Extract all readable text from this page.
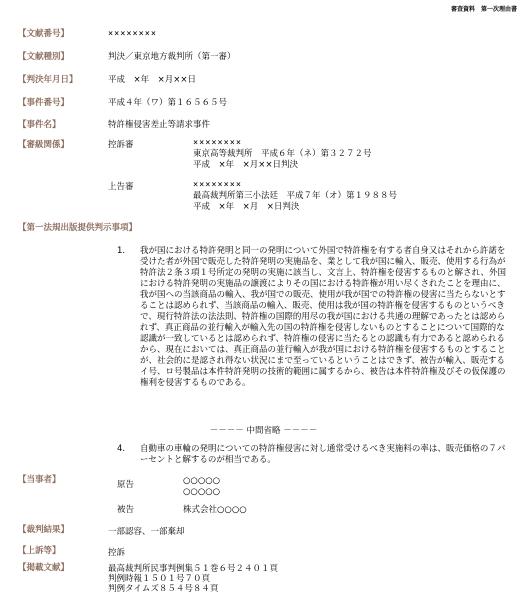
審査資料　第一次理由書
【文献番号】	××××××××
【文献種別】	判決／東京地方裁判所（第一審）
【判決年月日】	平成　×年　×月××日
【事件番号】	平成４年（ワ）第１６５６５号
【事件名】	特許権侵害差止等請求事件
【審級関係】	控訴審	××××××××
東京高等裁判所　平成６年（ネ）第３２７２号
平成　×年　×月××日判決
上告審	××××××××
最高裁判所第三小法廷　平成７年（オ）第１９８８号
平成　×年　×月　×日判決
【第一法規出版提供判示事項】
1. 我が国における特許発明と同一の発明について外国で特許権を有する者自身又はそれから許諾を受けた者が外国で販売した特許発明の実施品を、業として我が国に輸入、販売、使用する行為が特許法２条３項１号所定の発明の実施に該当し、文言上、特許権を侵害するものと解され、外国における特許発明の実施品の譲渡によりその国における特許権が用い尽くされたことを理由に、我が国への当該商品の輸入、我が国での販売、使用が我が国での特許権の侵害に当たらないとすることは認められず、当該商品の輸入、販売、使用は我が国の特許権を侵害するものというべきで、現行特許法の法法則、特許権の国際的用尽の我が国における共通の理解であったとは認められず、真正商品の並行輸入が輸入先の国の特許権を侵害しないものとすることについて国際的な認識が一致しているとは認められず、特許権の侵害に当たるとの認識も有力であると認められるから、現在においては、真正商品の並行輸入が我が国における特許権を侵害するものとすることが、社会的に是認され得ない状況にまで至っているということはできず、被告が輸入、販売するイ号、ロ号製品は本件特許発明の技術的範囲に属するから、被告は本件特許権及びその仮保護の権利を侵害するものである。
－－－－ 中間省略 －－－－
4. 自動車の車輪の発明についての特許権侵害に対し通常受けるべき実施料の率は、販売価格の７パーセントと解するのが相当である。
【当事者】	原告	○○○○○
○○○○○
被告	株式会社○○○○
【裁判結果】	一部認容、一部棄却
【上訴等】	控訴
【掲載文献】	最高裁判所民事判例集５１巻６号２４０１頁
判例時報１５０１号７０頁
判例タイムズ８５４号８４頁
